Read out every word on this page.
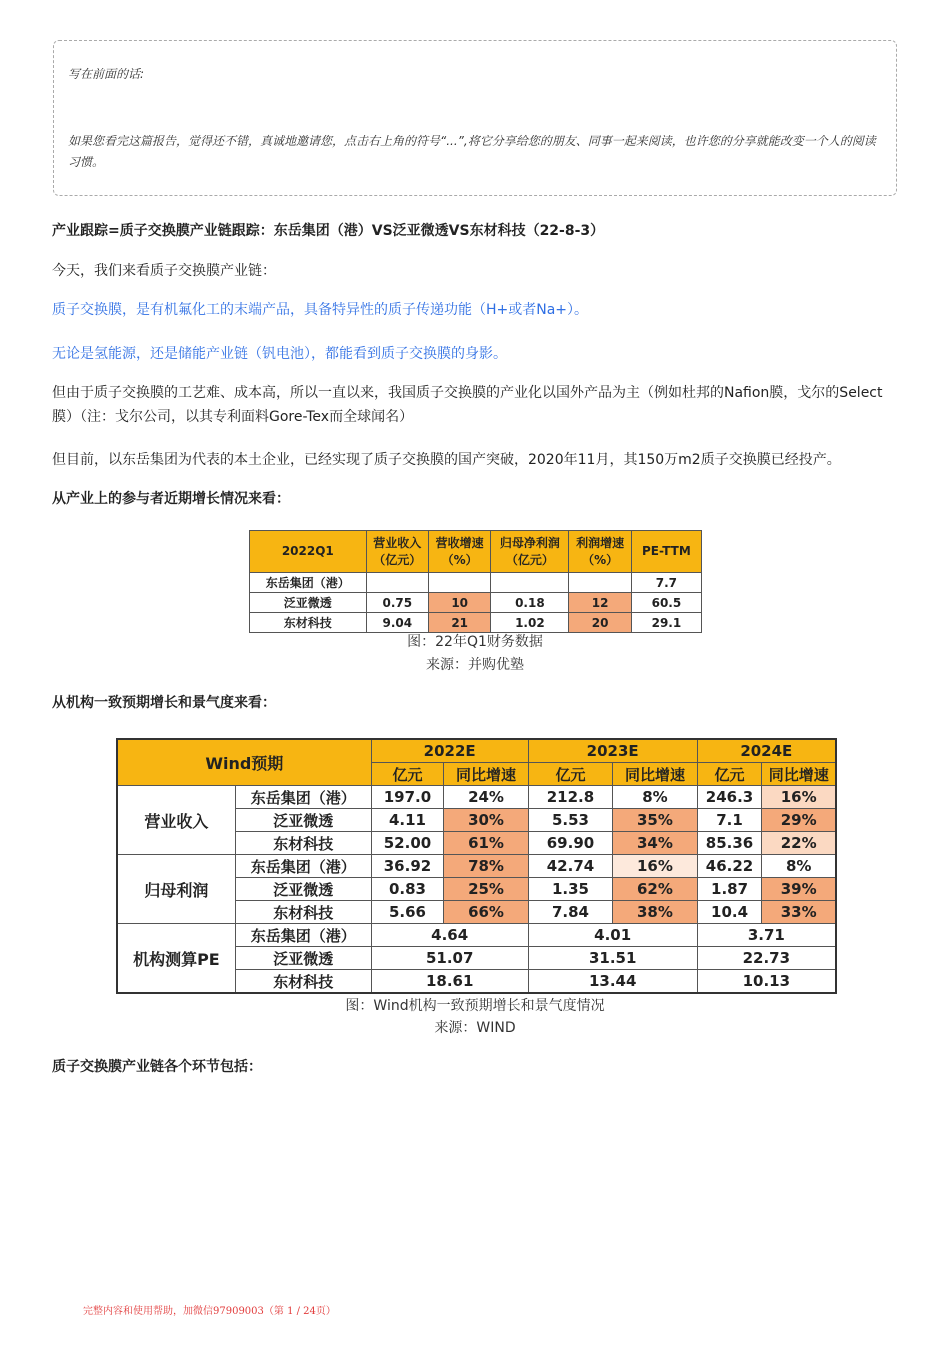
写在前面的话:
如果您看完这篇报告，觉得还不错，真诚地邀请您，点击右上角的符号“...”,将它分享给您的朋友、同事一起来阅读，也许您的分享就能改变一个人的阅读习惯。
产业跟踪=质子交换膜产业链跟踪：东岳集团（港）VS泛亚微透VS东材科技（22-8-3）
今天，我们来看质子交换膜产业链：
质子交换膜，是有机氟化工的末端产品，具备特异性的质子传递功能（H+或者Na+）。
无论是氢能源，还是储能产业链（钒电池），都能看到质子交换膜的身影。
但由于质子交换膜的工艺难、成本高，所以一直以来，我国质子交换膜的产业化以国外产品为主（例如杜邦的Nafion膜，戈尔的Select膜）（注：戈尔公司，以其专利面料Gore-Tex而全球闻名）
但目前，以东岳集团为代表的本土企业，已经实现了质子交换膜的国产突破，2020年11月，其150万m2质子交换膜已经投产。
从产业上的参与者近期增长情况来看：
2022Q1	营业收入（亿元）	营收增速（%）	归母净利润（亿元）	利润增速（%）	PE-TTM
东岳集团（港）					7.7
泛亚微透	0.75	10	0.18	12	60.5
东材科技	9.04	21	1.02	20	29.1
图：22年Q1财务数据
来源：并购优塾
从机构一致预期增长和景气度来看：
Wind预期		2022E		2023E		2024E	
		亿元	同比增速	亿元	同比增速	亿元	同比增速
营业收入	东岳集团（港）	197.0	24%	212.8	8%	246.3	16%
	泛亚微透	4.11	30%	5.53	35%	7.1	29%
	东材科技	52.00	61%	69.90	34%	85.36	22%
归母利润	东岳集团（港）	36.92	78%	42.74	16%	46.22	8%
	泛亚微透	0.83	25%	1.35	62%	1.87	39%
	东材科技	5.66	66%	7.84	38%	10.4	33%
机构测算PE	东岳集团（港）	4.64		4.01		3.71	
	泛亚微透	51.07		31.51		22.73	
	东材科技	18.61		13.44		10.13	
图：Wind机构一致预期增长和景气度情况
来源：WIND
质子交换膜产业链各个环节包括：
完整内容和使用帮助，加微信97909003（第 1 / 24页）
